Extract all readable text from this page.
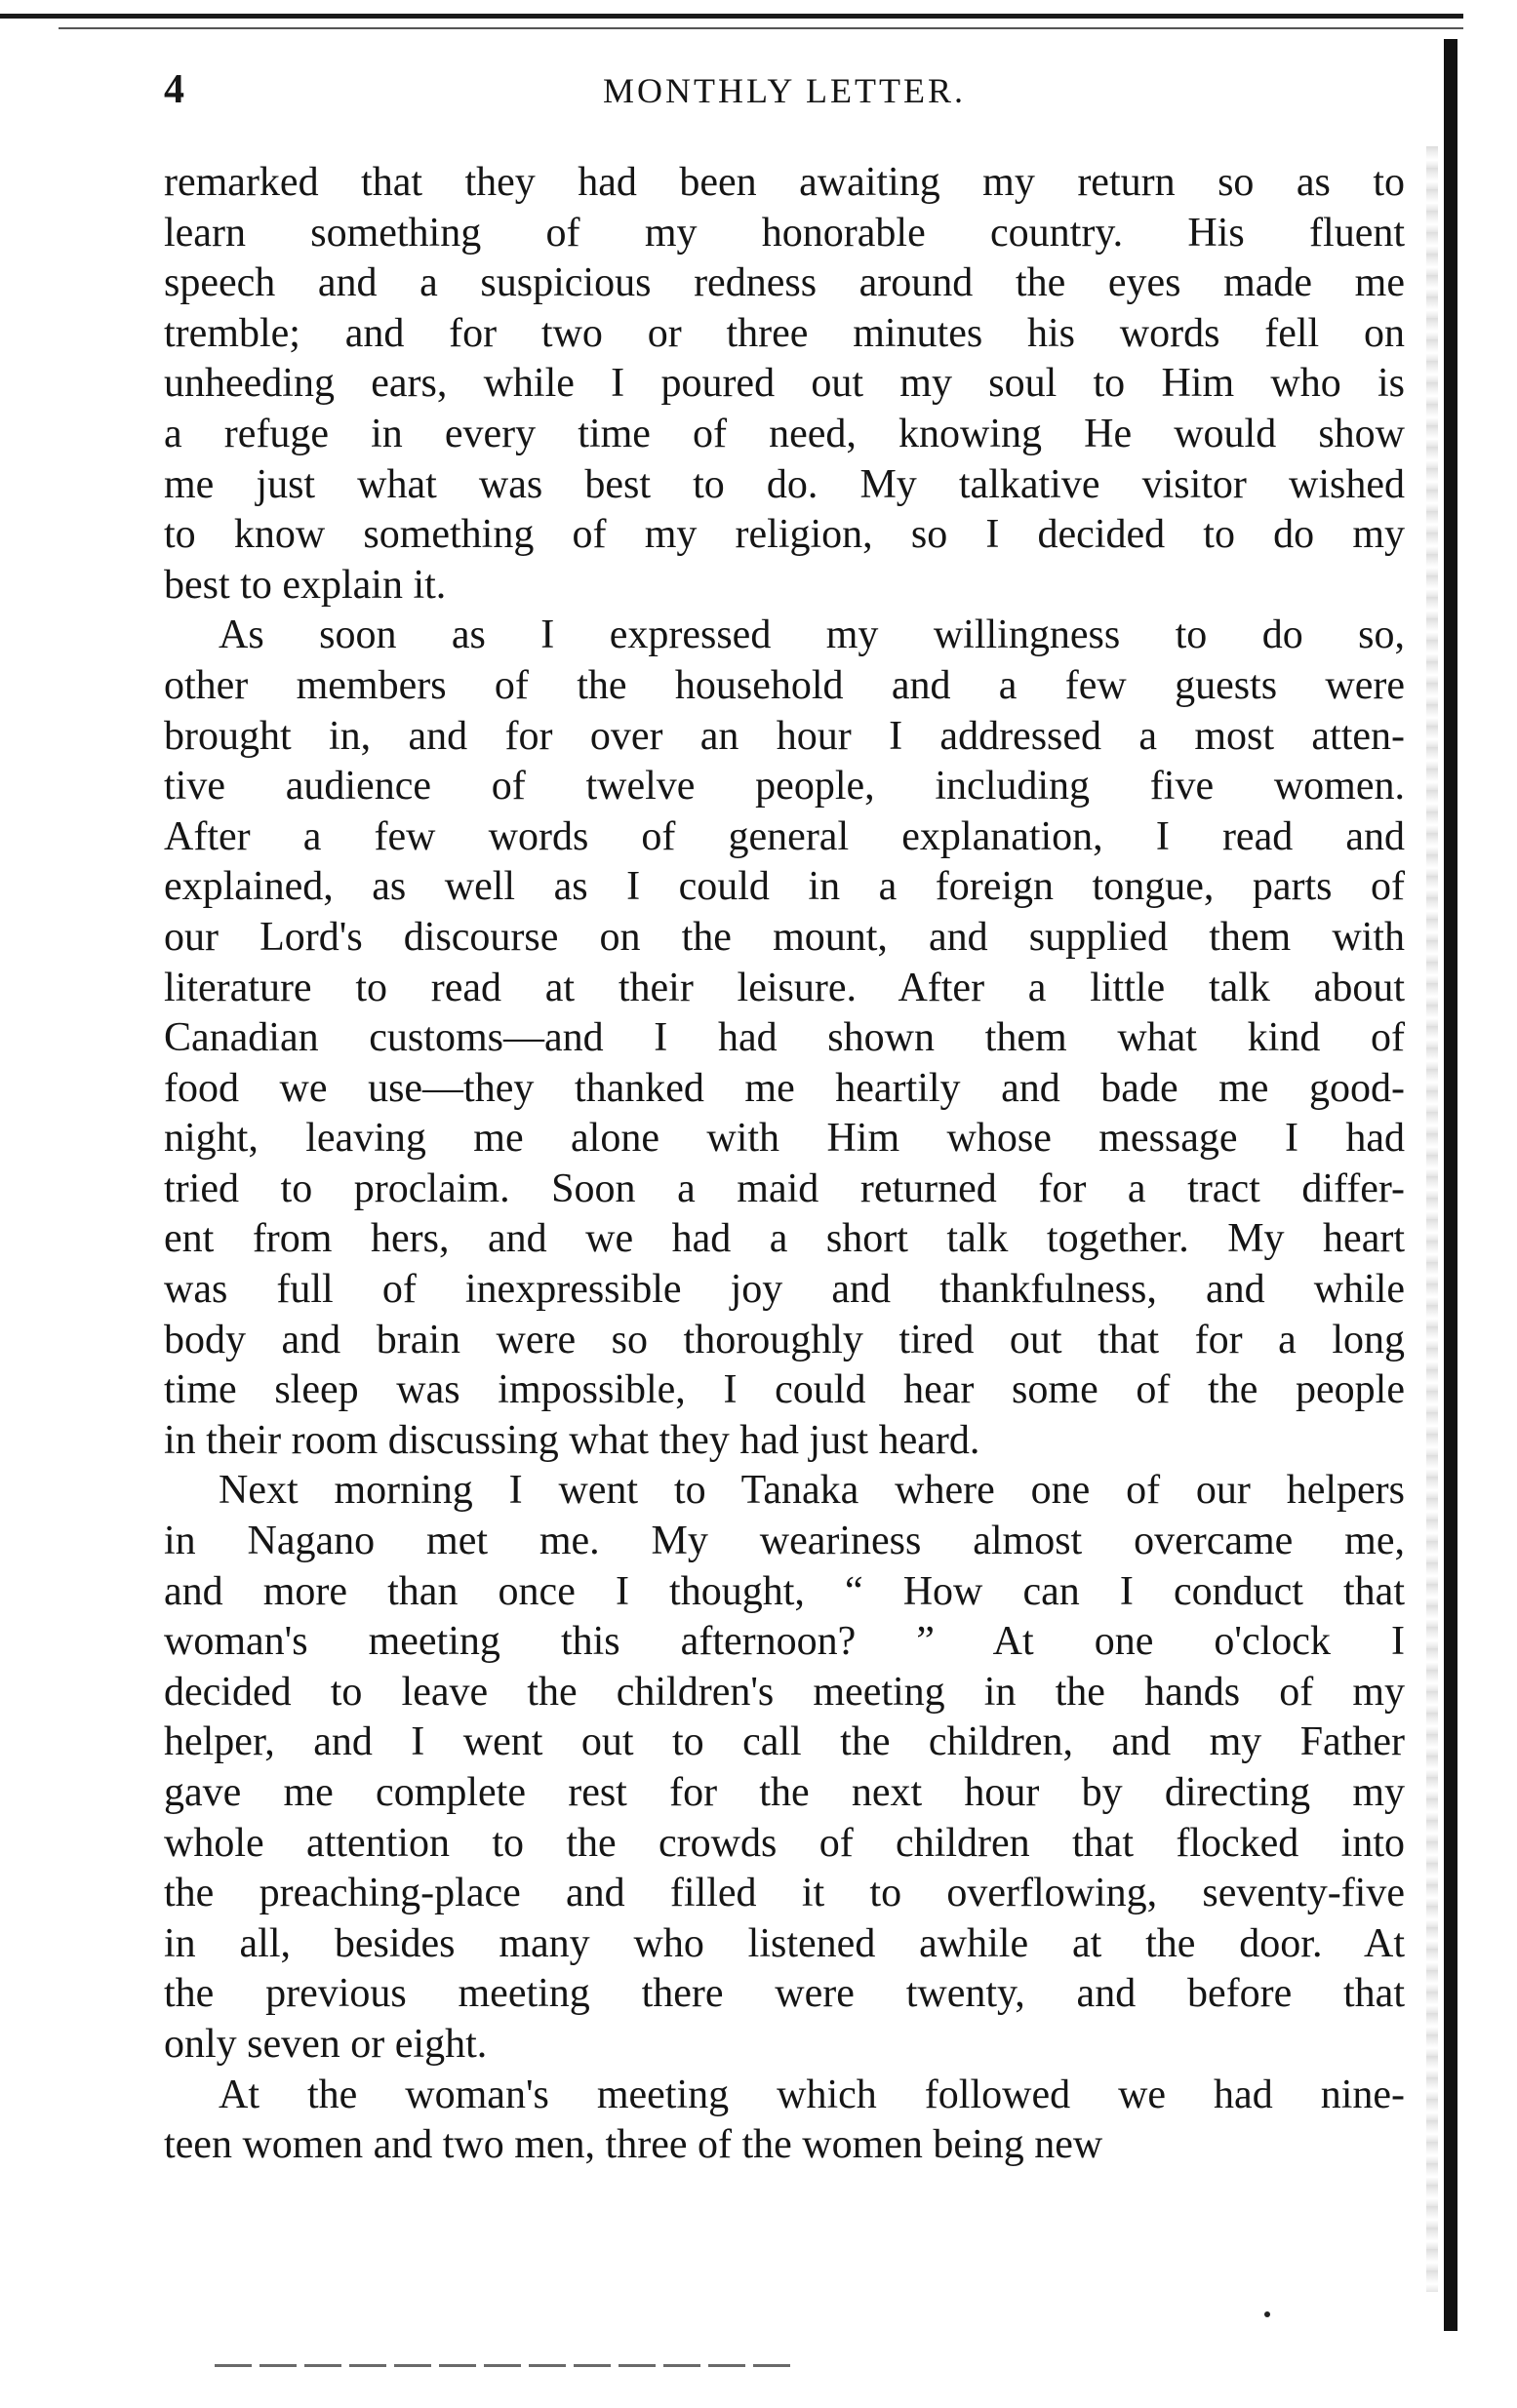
4	MONTHLY LETTER.
remarked that they had been awaiting my return so as to
learn something of my honorable country. His fluent
speech and a suspicious redness around the eyes made me
tremble; and for two or three minutes his words fell on
unheeding ears, while I poured out my soul to Him who is
a refuge in every time of need, knowing He would show
me just what was best to do. My talkative visitor wished
to know something of my religion, so I decided to do my
best to explain it.
As soon as I expressed my willingness to do so,
other members of the household and a few guests were
brought in, and for over an hour I addressed a most atten-
tive audience of twelve people, including five women.
After a few words of general explanation, I read and
explained, as well as I could in a foreign tongue, parts of
our Lord's discourse on the mount, and supplied them with
literature to read at their leisure. After a little talk about
Canadian customs—and I had shown them what kind of
food we use—they thanked me heartily and bade me good-
night, leaving me alone with Him whose message I had
tried to proclaim. Soon a maid returned for a tract differ-
ent from hers, and we had a short talk together. My heart
was full of inexpressible joy and thankfulness, and while
body and brain were so thoroughly tired out that for a long
time sleep was impossible, I could hear some of the people
in their room discussing what they had just heard.
Next morning I went to Tanaka where one of our helpers
in Nagano met me. My weariness almost overcame me,
and more than once I thought, “ How can I conduct that
woman's meeting this afternoon? ” At one o'clock I
decided to leave the children's meeting in the hands of my
helper, and I went out to call the children, and my Father
gave me complete rest for the next hour by directing my
whole attention to the crowds of children that flocked into
the preaching-place and filled it to overflowing, seventy-five
in all, besides many who listened awhile at the door. At
the previous meeting there were twenty, and before that
only seven or eight.
At the woman's meeting which followed we had nine-
teen women and two men, three of the women being new
